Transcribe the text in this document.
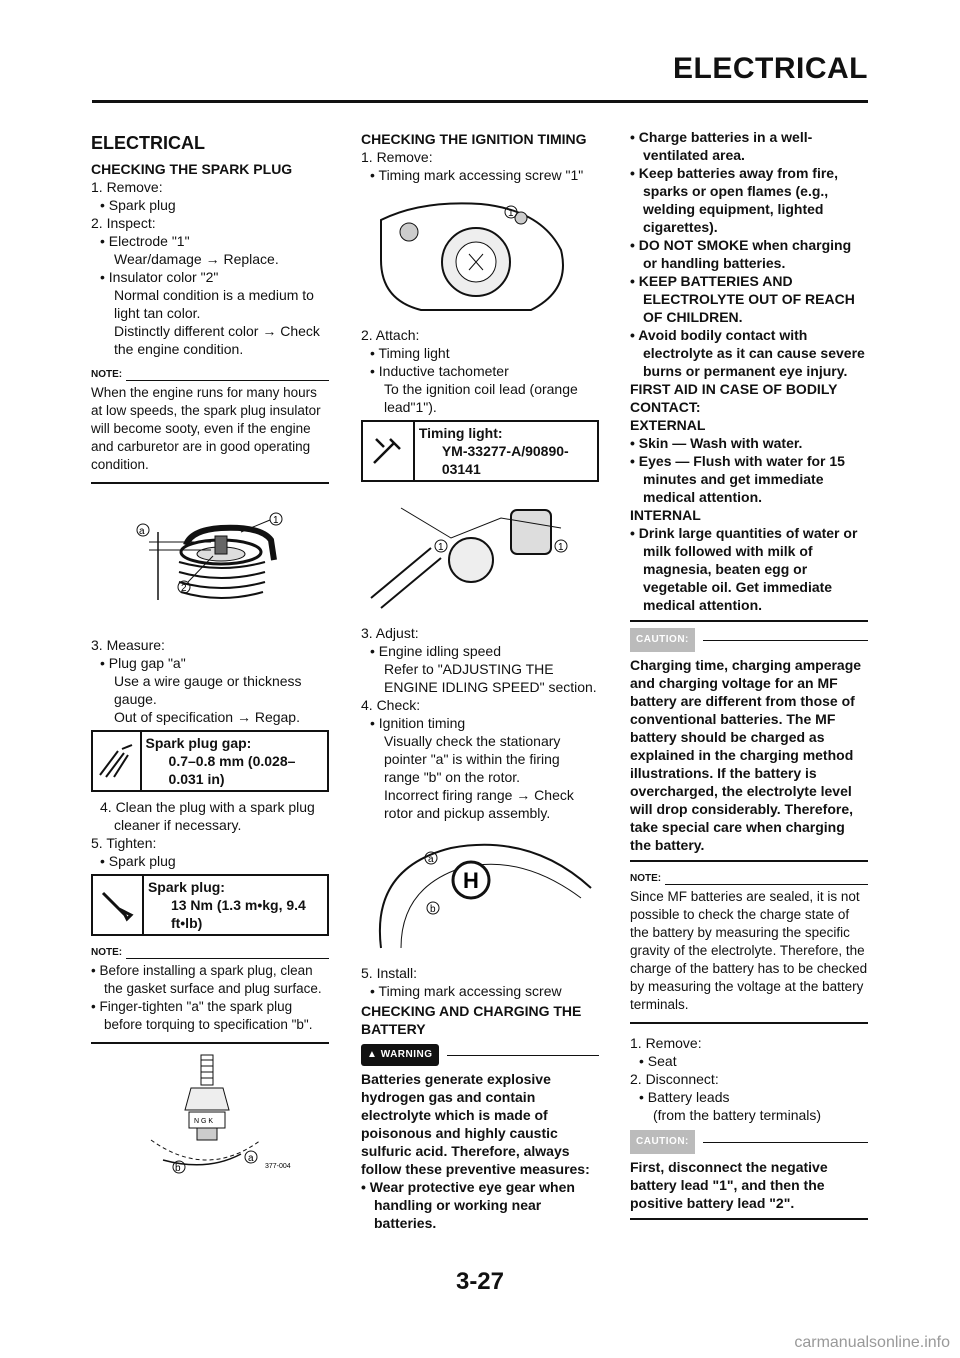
ELECTRICAL
ELECTRICAL
CHECKING THE SPARK PLUG
1. Remove:
• Spark plug
2. Inspect:
• Electrode "1"
Wear/damage → Replace.
• Insulator color "2"
Normal condition is a medium to light tan color.
Distinctly different color → Check the engine condition.
NOTE:
When the engine runs for many hours at low speeds, the spark plug insulator will become sooty, even if the engine and carburetor are in good operating condition.
a
1
2
3. Measure:
• Plug gap "a"
Use a wire gauge or thickness gauge.
Out of specification → Regap.
Spark plug gap:
0.7–0.8 mm (0.028–0.031 in)
4. Clean the plug with a spark plug cleaner if necessary.
5. Tighten:
• Spark plug
Spark plug:
13 Nm (1.3 m•kg, 9.4 ft•lb)
NOTE:
• Before installing a spark plug, clean the gasket surface and plug surface.
• Finger-tighten "a" the spark plug before torquing to specification "b".
N G K
b
a
377-004
CHECKING THE IGNITION TIMING
1. Remove:
• Timing mark accessing screw "1"
1
2. Attach:
• Timing light
• Inductive tachometer
To the ignition coil lead (orange lead"1").
Timing light:
YM-33277-A/90890-03141
1	1
3. Adjust:
• Engine idling speed
Refer to "ADJUSTING THE ENGINE IDLING SPEED" section.
4. Check:
• Ignition timing
Visually check the stationary pointer "a" is within the firing range "b" on the rotor.
Incorrect firing range → Check rotor and pickup assembly.
H
a
b
5. Install:
• Timing mark accessing screw
CHECKING AND CHARGING THE BATTERY
▲ WARNING
Batteries generate explosive hydrogen gas and contain electrolyte which is made of poisonous and highly caustic sulfuric acid. Therefore, always follow these preventive measures:
• Wear protective eye gear when handling or working near batteries.
• Charge batteries in a well-ventilated area.
• Keep batteries away from fire, sparks or open flames (e.g., welding equipment, lighted cigarettes).
• DO NOT SMOKE when charging or handling batteries.
• KEEP BATTERIES AND ELECTROLYTE OUT OF REACH OF CHILDREN.
• Avoid bodily contact with electrolyte as it can cause severe burns or permanent eye injury.
FIRST AID IN CASE OF BODILY CONTACT:
EXTERNAL
• Skin — Wash with water.
• Eyes — Flush with water for 15 minutes and get immediate medical attention.
INTERNAL
• Drink large quantities of water or milk followed with milk of magnesia, beaten egg or vegetable oil. Get immediate medical attention.
CAUTION:
Charging time, charging amperage and charging voltage for an MF battery are different from those of conventional batteries. The MF battery should be charged as explained in the charging method illustrations. If the battery is overcharged, the electrolyte level will drop considerably. Therefore, take special care when charging the battery.
NOTE:
Since MF batteries are sealed, it is not possible to check the charge state of the battery by measuring the specific gravity of the electrolyte. Therefore, the charge of the battery has to be checked by measuring the voltage at the battery terminals.
1. Remove:
• Seat
2. Disconnect:
• Battery leads
(from the battery terminals)
CAUTION:
First, disconnect the negative battery lead "1", and then the positive battery lead "2".
3-27
carmanualsonline.info
